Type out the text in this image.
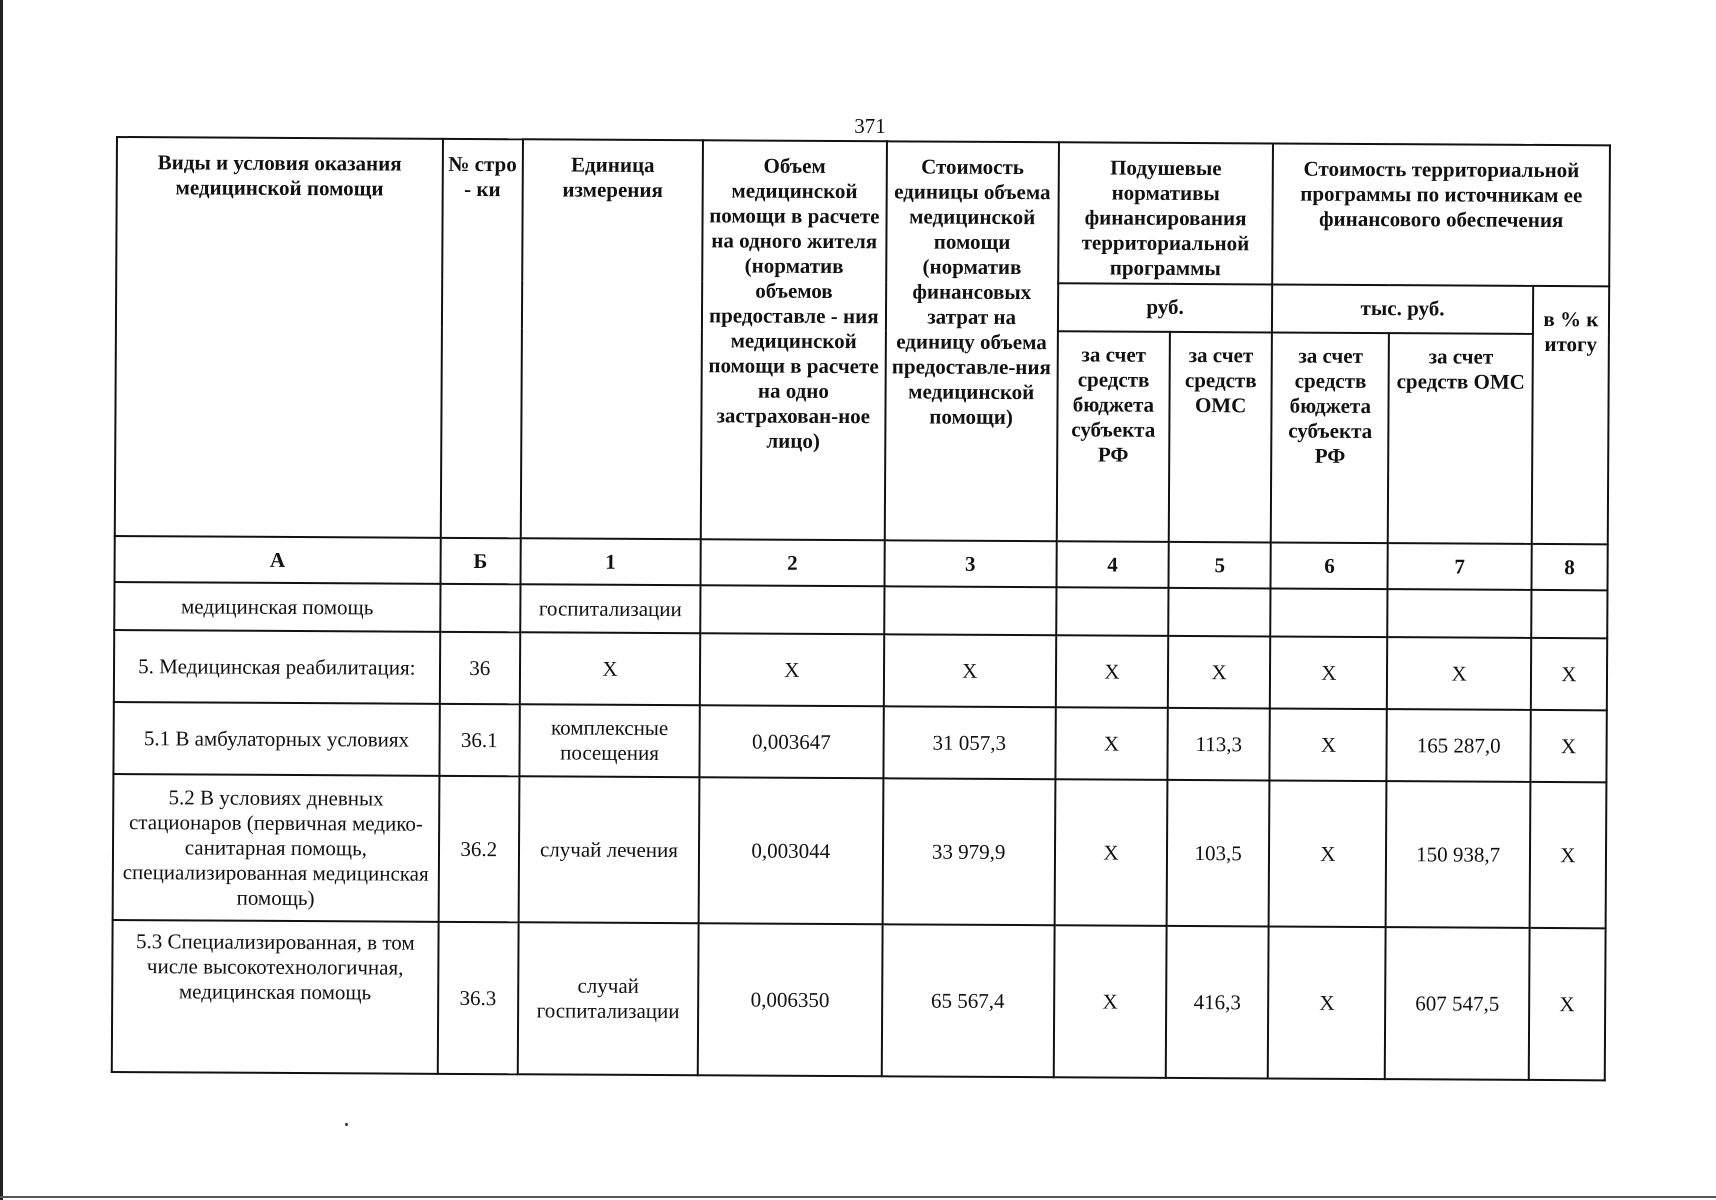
371
Виды и условия оказания медицинской помощи	№ стро - ки	Единица измерения	Объем медицинской помощи в расчете на одного жителя (норматив объемов предоставле - ния медицинской помощи в расчете на одно застрахован-ное лицо)	Стоимость единицы объема медицинской помощи (норматив финансовых затрат на единицу объема предоставле-ния медицинской помощи)	Подушевые нормативы финансирования территориальной программы		Стоимость территориальной программы по источникам ее финансового обеспечения		
					руб.		тыс. руб.		в % к итогу
					за счет средств бюджета субъекта РФ	за счет средств ОМС	за счет средств бюджета субъекта РФ	за счет средств ОМС	
А	Б	1	2	3	4	5	6	7	8
медицинская помощь		госпитализации							
5. Медицинская реабилитация:	36	Х	Х	Х	Х	Х	Х	Х	Х
5.1 В амбулаторных условиях	36.1	комплексные посещения	0,003647	31 057,3	Х	113,3	Х	165 287,0	Х
5.2 В условиях дневных стационаров (первичная медико-санитарная помощь, специализированная медицинская помощь)	36.2	случай лечения	0,003044	33 979,9	Х	103,5	Х	150 938,7	Х
5.3 Специализированная, в том числе высокотехнологичная, медицинская помощь	36.3	случай госпитализации	0,006350	65 567,4	Х	416,3	Х	607 547,5	Х
